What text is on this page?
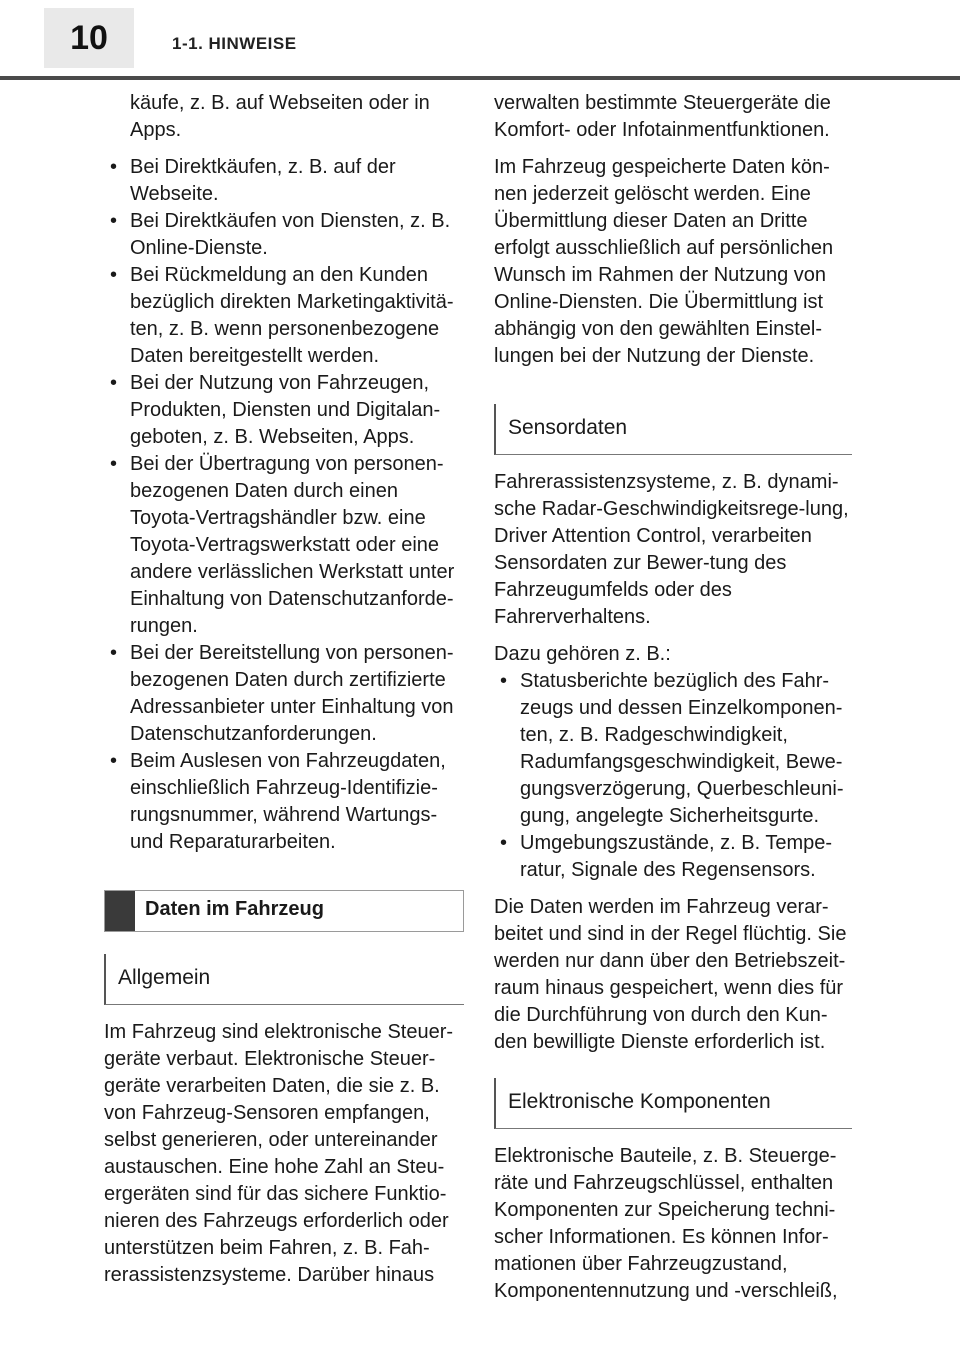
10	1-1. HINWEISE

käufe, z. B. auf Webseiten oder in Apps.

• Bei Direktkäufen, z. B. auf der Webseite.
• Bei Direktkäufen von Diensten, z. B. Online-Dienste.
• Bei Rückmeldung an den Kunden bezüglich direkten Marketingaktivitä-ten, z. B. wenn personenbezogene Daten bereitgestellt werden.
• Bei der Nutzung von Fahrzeugen, Produkten, Diensten und Digitalan-geboten, z. B. Webseiten, Apps.
• Bei der Übertragung von personen-bezogenen Daten durch einen Toyota-Vertragshändler bzw. eine Toyota-Vertragswerkstatt oder eine andere verlässlichen Werkstatt unter Einhaltung von Datenschutzanforde-rungen.
• Bei der Bereitstellung von personen-bezogenen Daten durch zertifizierte Adressanbieter unter Einhaltung von Datenschutzanforderungen.
• Beim Auslesen von Fahrzeugdaten, einschließlich Fahrzeug-Identifizie-rungsnummer, während Wartungs- und Reparaturarbeiten.
Daten im Fahrzeug
Allgemein

Im Fahrzeug sind elektronische Steuer-geräte verbaut. Elektronische Steuer-geräte verarbeiten Daten, die sie z. B. von Fahrzeug-Sensoren empfangen, selbst generieren, oder untereinander austauschen. Eine hohe Zahl an Steu-ergeräten sind für das sichere Funktio-nieren des Fahrzeugs erforderlich oder unterstützen beim Fahren, z. B. Fah-rerassistenzsysteme. Darüber hinaus

verwalten bestimmte Steuergeräte die Komfort- oder Infotainmentfunktionen.

Im Fahrzeug gespeicherte Daten kön-nen jederzeit gelöscht werden. Eine Übermittlung dieser Daten an Dritte erfolgt ausschließlich auf persönlichen Wunsch im Rahmen der Nutzung von Online-Diensten. Die Übermittlung ist abhängig von den gewählten Einstel-lungen bei der Nutzung der Dienste.

Sensordaten

Fahrerassistenzsysteme, z. B. dynami-sche Radar-Geschwindigkeitsrege-lung, Driver Attention Control, verarbeiten Sensordaten zur Bewer-tung des Fahrzeugumfelds oder des Fahrerverhaltens.

Dazu gehören z. B.:

• Statusberichte bezüglich des Fahr-zeugs und dessen Einzelkomponen-ten, z. B. Radgeschwindigkeit, Radumfangsgeschwindigkeit, Bewe-gungsverzögerung, Querbeschleuni-gung, angelegte Sicherheitsgurte.
• Umgebungszustände, z. B. Tempe-ratur, Signale des Regensensors.

Die Daten werden im Fahrzeug verar-beitet und sind in der Regel flüchtig. Sie werden nur dann über den Betriebszeit-raum hinaus gespeichert, wenn dies für die Durchführung von durch den Kun-den bewilligte Dienste erforderlich ist.

Elektronische Komponenten

Elektronische Bauteile, z. B. Steuerge-räte und Fahrzeugschlüssel, enthalten Komponenten zur Speicherung techni-scher Informationen. Es können Infor-mationen über Fahrzeugzustand, Komponentennutzung und -verschleiß,
